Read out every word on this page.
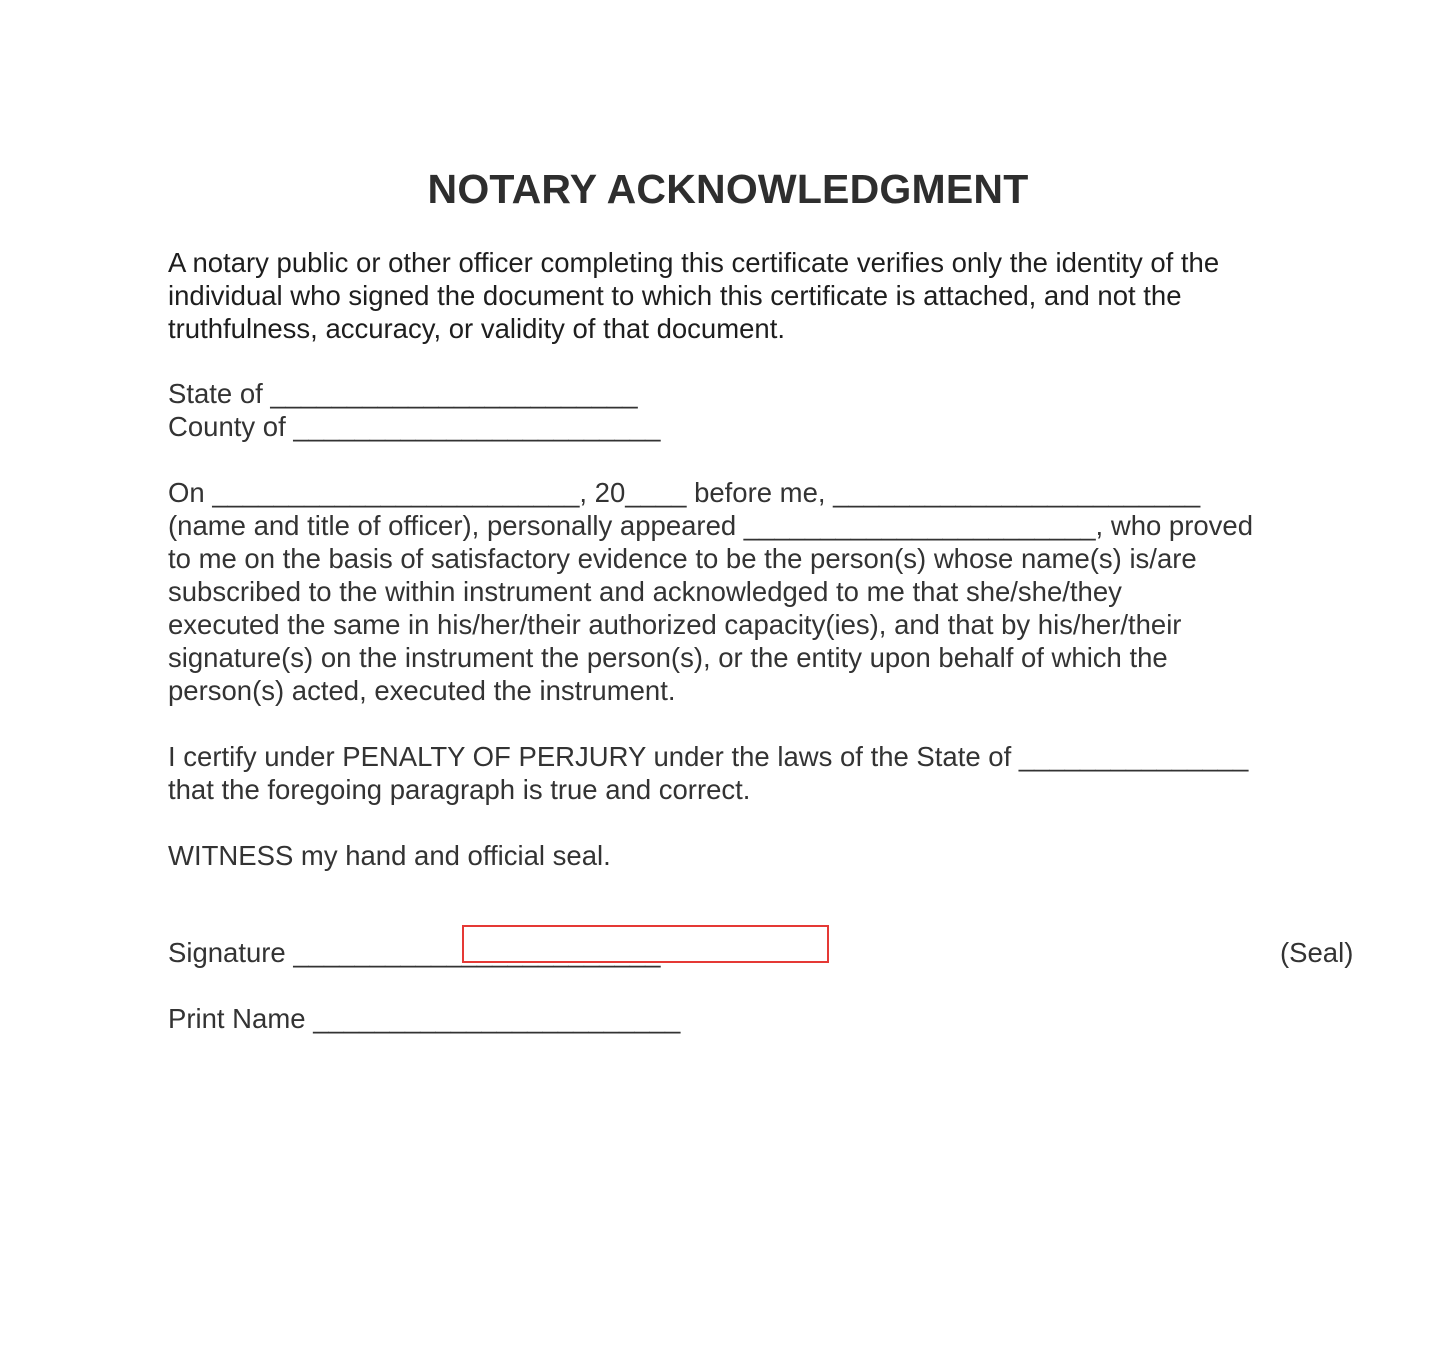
NOTARY ACKNOWLEDGMENT

A notary public or other officer completing this certificate verifies only the identity of the individual who signed the document to which this certificate is attached, and not the truthfulness, accuracy, or validity of that document.

State of ________________________
County of ________________________

On ________________________, 20____ before me, ________________________
(name and title of officer), personally appeared _______________________, who proved
to me on the basis of satisfactory evidence to be the person(s) whose name(s) is/are
subscribed to the within instrument and acknowledged to me that she/she/they
executed the same in his/her/their authorized capacity(ies), and that by his/her/their
signature(s) on the instrument the person(s), or the entity upon behalf of which the
person(s) acted, executed the instrument.

I certify under PENALTY OF PERJURY under the laws of the State of _______________
that the foregoing paragraph is true and correct.

WITNESS my hand and official seal.

Signature ________________________	(Seal)
Print Name ________________________
